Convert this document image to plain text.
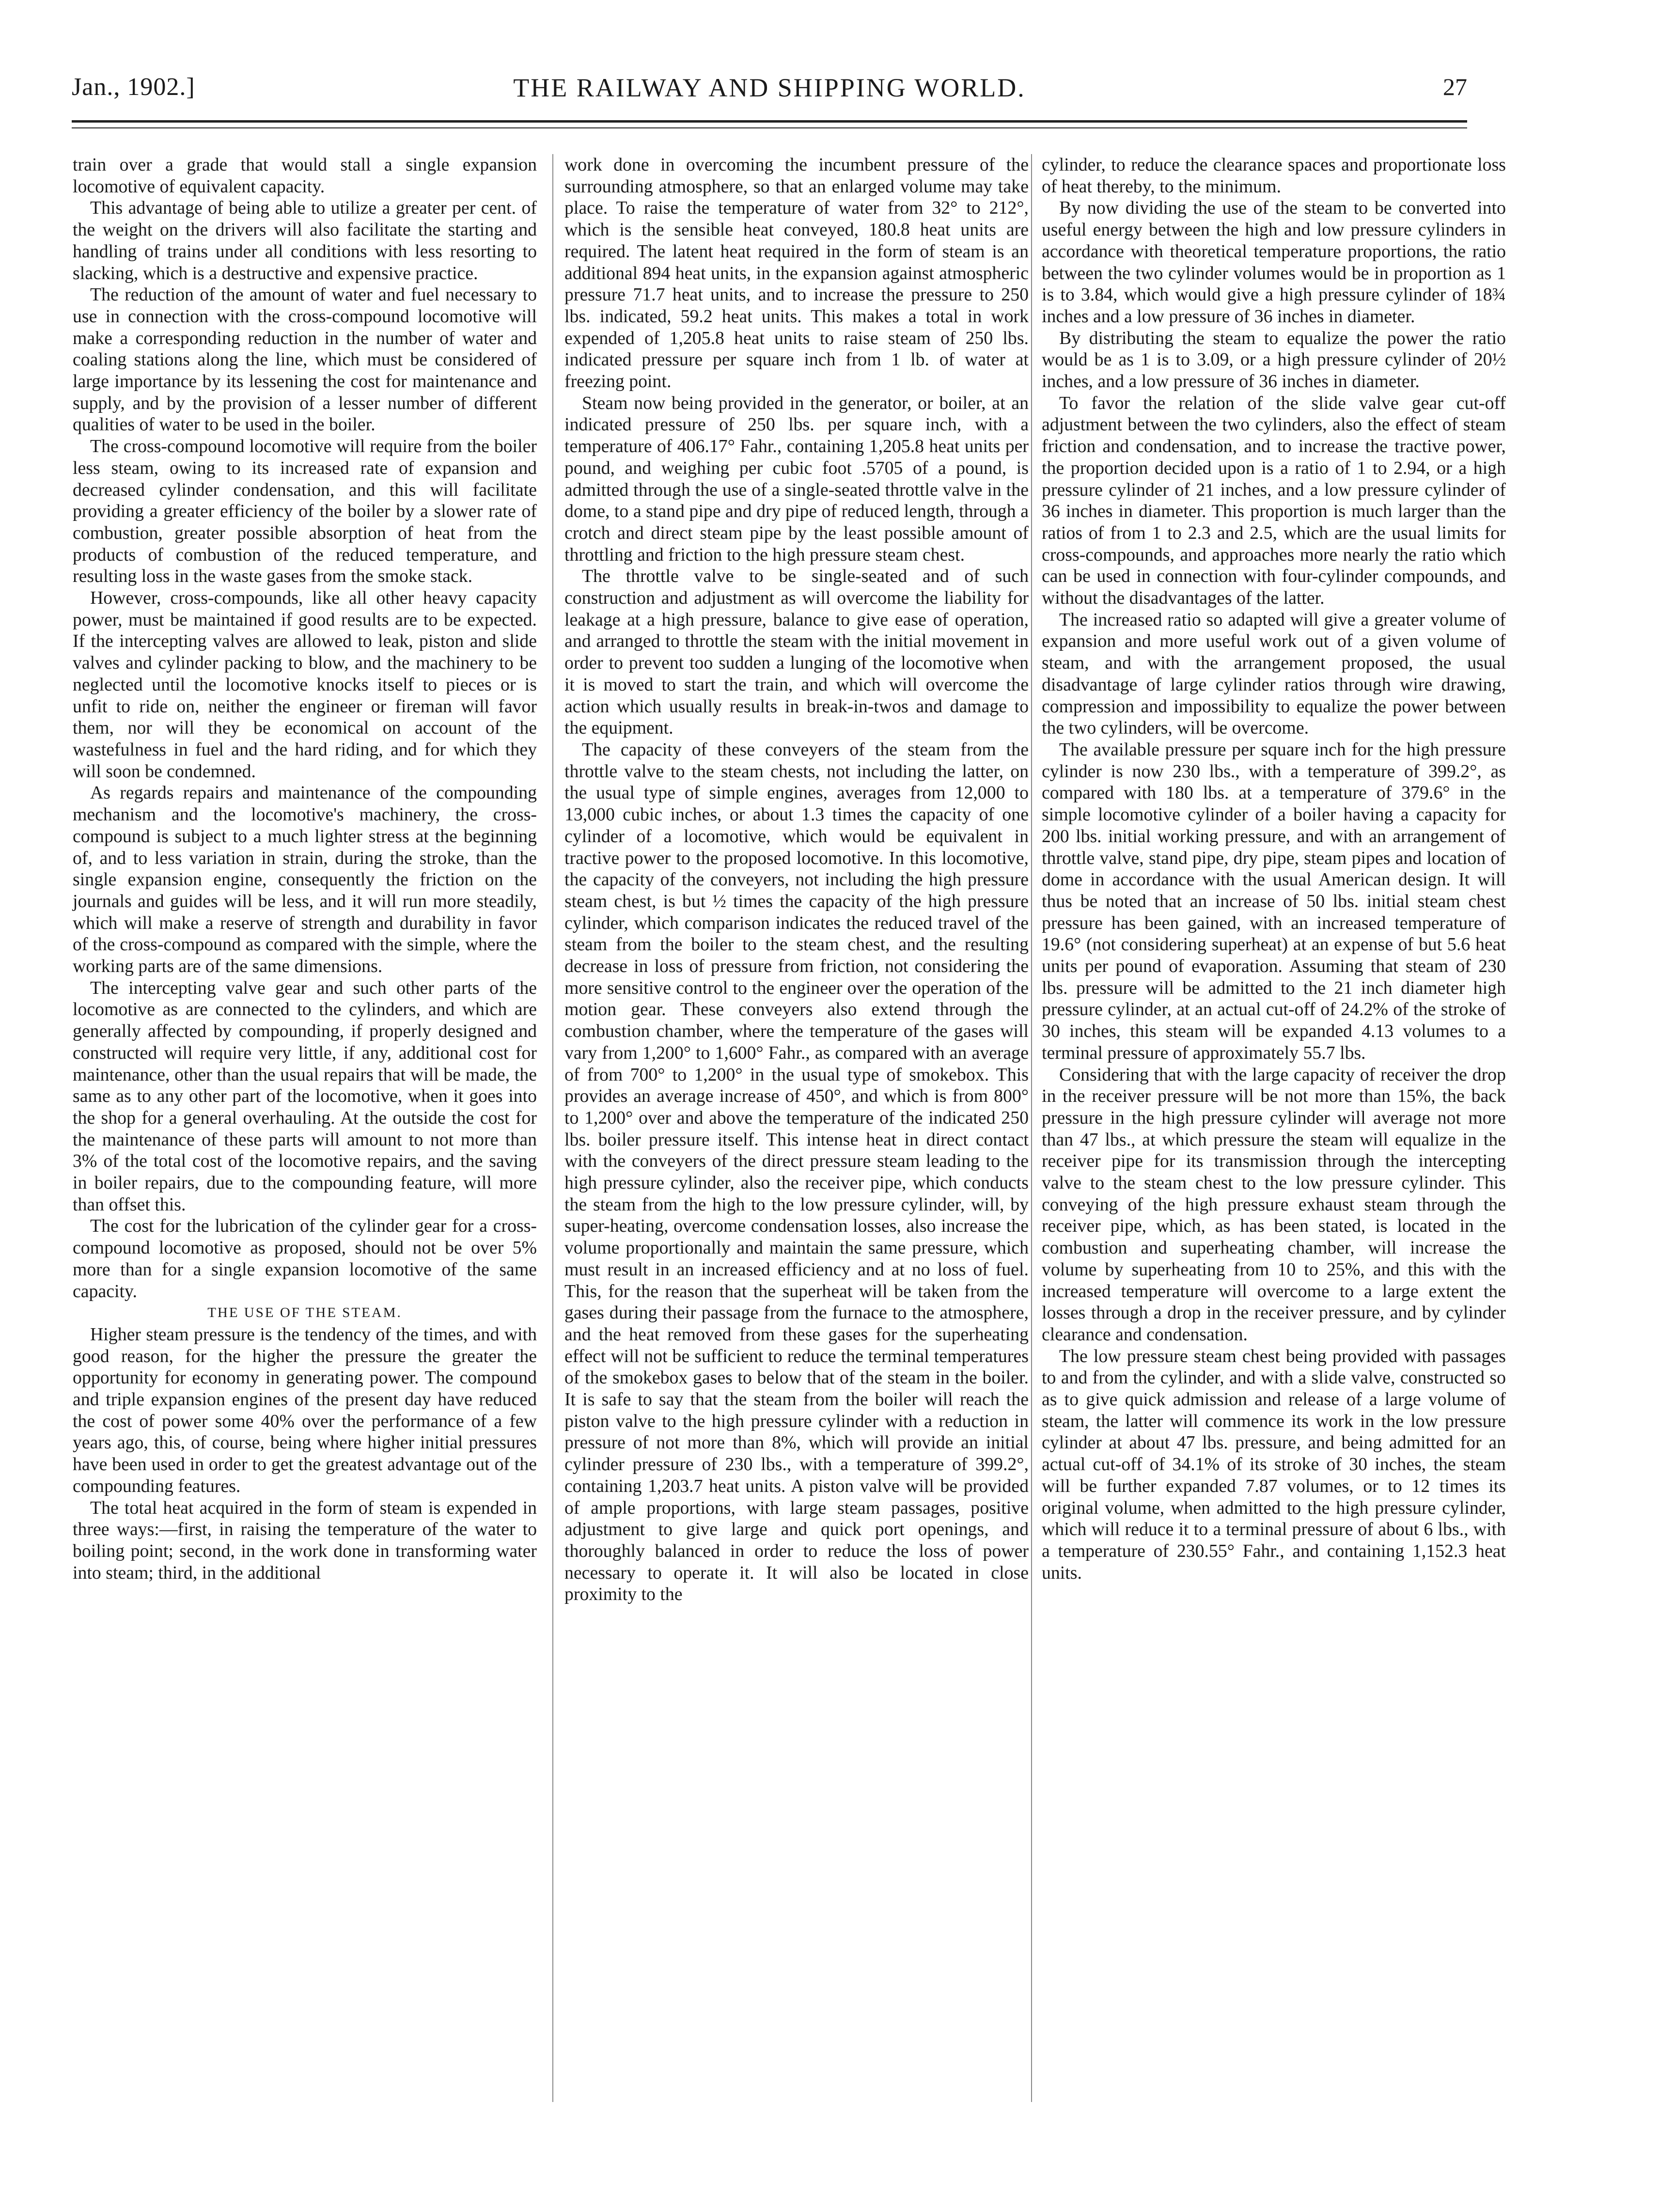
Jan., 1902.]	THE RAILWAY AND SHIPPING WORLD.	27

train over a grade that would stall a single expansion locomotive of equivalent capacity.

This advantage of being able to utilize a greater per cent. of the weight on the drivers will also facilitate the starting and handling of trains under all conditions with less resorting to slacking, which is a destructive and expensive practice.

The reduction of the amount of water and fuel necessary to use in connection with the cross-compound locomotive will make a corresponding reduction in the number of water and coaling stations along the line, which must be considered of large importance by its lessening the cost for maintenance and supply, and by the provision of a lesser number of different qualities of water to be used in the boiler.

The cross-compound locomotive will require from the boiler less steam, owing to its increased rate of expansion and decreased cylinder condensation, and this will facilitate providing a greater efficiency of the boiler by a slower rate of combustion, greater possible absorption of heat from the products of combustion of the reduced temperature, and resulting loss in the waste gases from the smoke stack.

However, cross-compounds, like all other heavy capacity power, must be maintained if good results are to be expected. If the intercepting valves are allowed to leak, piston and slide valves and cylinder packing to blow, and the machinery to be neglected until the locomotive knocks itself to pieces or is unfit to ride on, neither the engineer or fireman will favor them, nor will they be economical on account of the wastefulness in fuel and the hard riding, and for which they will soon be condemned.

As regards repairs and maintenance of the compounding mechanism and the locomotive's machinery, the cross-compound is subject to a much lighter stress at the beginning of, and to less variation in strain, during the stroke, than the single expansion engine, consequently the friction on the journals and guides will be less, and it will run more steadily, which will make a reserve of strength and durability in favor of the cross-compound as compared with the simple, where the working parts are of the same dimensions.

The intercepting valve gear and such other parts of the locomotive as are connected to the cylinders, and which are generally affected by compounding, if properly designed and constructed will require very little, if any, additional cost for maintenance, other than the usual repairs that will be made, the same as to any other part of the locomotive, when it goes into the shop for a general overhauling. At the outside the cost for the maintenance of these parts will amount to not more than 3% of the total cost of the locomotive repairs, and the saving in boiler repairs, due to the compounding feature, will more than offset this.

The cost for the lubrication of the cylinder gear for a cross-compound locomotive as proposed, should not be over 5% more than for a single expansion locomotive of the same capacity.

THE USE OF THE STEAM.

Higher steam pressure is the tendency of the times, and with good reason, for the higher the pressure the greater the opportunity for economy in generating power. The compound and triple expansion engines of the present day have reduced the cost of power some 40% over the performance of a few years ago, this, of course, being where higher initial pressures have been used in order to get the greatest advantage out of the compounding features.

The total heat acquired in the form of steam is expended in three ways:—first, in raising the temperature of the water to boiling point; second, in the work done in transforming water into steam; third, in the additional

work done in overcoming the incumbent pressure of the surrounding atmosphere, so that an enlarged volume may take place. To raise the temperature of water from 32° to 212°, which is the sensible heat conveyed, 180.8 heat units are required. The latent heat required in the form of steam is an additional 894 heat units, in the expansion against atmospheric pressure 71.7 heat units, and to increase the pressure to 250 lbs. indicated, 59.2 heat units. This makes a total in work expended of 1,205.8 heat units to raise steam of 250 lbs. indicated pressure per square inch from 1 lb. of water at freezing point.

Steam now being provided in the generator, or boiler, at an indicated pressure of 250 lbs. per square inch, with a temperature of 406.17° Fahr., containing 1,205.8 heat units per pound, and weighing per cubic foot .5705 of a pound, is admitted through the use of a single-seated throttle valve in the dome, to a stand pipe and dry pipe of reduced length, through a crotch and direct steam pipe by the least possible amount of throttling and friction to the high pressure steam chest.

The throttle valve to be single-seated and of such construction and adjustment as will overcome the liability for leakage at a high pressure, balance to give ease of operation, and arranged to throttle the steam with the initial movement in order to prevent too sudden a lunging of the locomotive when it is moved to start the train, and which will overcome the action which usually results in break-in-twos and damage to the equipment.

The capacity of these conveyers of the steam from the throttle valve to the steam chests, not including the latter, on the usual type of simple engines, averages from 12,000 to 13,000 cubic inches, or about 1.3 times the capacity of one cylinder of a locomotive, which would be equivalent in tractive power to the proposed locomotive. In this locomotive, the capacity of the conveyers, not including the high pressure steam chest, is but ½ times the capacity of the high pressure cylinder, which comparison indicates the reduced travel of the steam from the boiler to the steam chest, and the resulting decrease in loss of pressure from friction, not considering the more sensitive control to the engineer over the operation of the motion gear. These conveyers also extend through the combustion chamber, where the temperature of the gases will vary from 1,200° to 1,600° Fahr., as compared with an average of from 700° to 1,200° in the usual type of smokebox. This provides an average increase of 450°, and which is from 800° to 1,200° over and above the temperature of the indicated 250 lbs. boiler pressure itself. This intense heat in direct contact with the conveyers of the direct pressure steam leading to the high pressure cylinder, also the receiver pipe, which conducts the steam from the high to the low pressure cylinder, will, by super-heating, overcome condensation losses, also increase the volume proportionally and maintain the same pressure, which must result in an increased efficiency and at no loss of fuel. This, for the reason that the superheat will be taken from the gases during their passage from the furnace to the atmosphere, and the heat removed from these gases for the superheating effect will not be sufficient to reduce the terminal temperatures of the smokebox gases to below that of the steam in the boiler. It is safe to say that the steam from the boiler will reach the piston valve to the high pressure cylinder with a reduction in pressure of not more than 8%, which will provide an initial cylinder pressure of 230 lbs., with a temperature of 399.2°, containing 1,203.7 heat units. A piston valve will be provided of ample proportions, with large steam passages, positive adjustment to give large and quick port openings, and thoroughly balanced in order to reduce the loss of power necessary to operate it. It will also be located in close proximity to the

cylinder, to reduce the clearance spaces and proportionate loss of heat thereby, to the minimum.

By now dividing the use of the steam to be converted into useful energy between the high and low pressure cylinders in accordance with theoretical temperature proportions, the ratio between the two cylinder volumes would be in proportion as 1 is to 3.84, which would give a high pressure cylinder of 18¾ inches and a low pressure of 36 inches in diameter.

By distributing the steam to equalize the power the ratio would be as 1 is to 3.09, or a high pressure cylinder of 20½ inches, and a low pressure of 36 inches in diameter.

To favor the relation of the slide valve gear cut-off adjustment between the two cylinders, also the effect of steam friction and condensation, and to increase the tractive power, the proportion decided upon is a ratio of 1 to 2.94, or a high pressure cylinder of 21 inches, and a low pressure cylinder of 36 inches in diameter. This proportion is much larger than the ratios of from 1 to 2.3 and 2.5, which are the usual limits for cross-compounds, and approaches more nearly the ratio which can be used in connection with four-cylinder compounds, and without the disadvantages of the latter.

The increased ratio so adapted will give a greater volume of expansion and more useful work out of a given volume of steam, and with the arrangement proposed, the usual disadvantage of large cylinder ratios through wire drawing, compression and impossibility to equalize the power between the two cylinders, will be overcome.

The available pressure per square inch for the high pressure cylinder is now 230 lbs., with a temperature of 399.2°, as compared with 180 lbs. at a temperature of 379.6° in the simple locomotive cylinder of a boiler having a capacity for 200 lbs. initial working pressure, and with an arrangement of throttle valve, stand pipe, dry pipe, steam pipes and location of dome in accordance with the usual American design. It will thus be noted that an increase of 50 lbs. initial steam chest pressure has been gained, with an increased temperature of 19.6° (not considering superheat) at an expense of but 5.6 heat units per pound of evaporation. Assuming that steam of 230 lbs. pressure will be admitted to the 21 inch diameter high pressure cylinder, at an actual cut-off of 24.2% of the stroke of 30 inches, this steam will be expanded 4.13 volumes to a terminal pressure of approximately 55.7 lbs.

Considering that with the large capacity of receiver the drop in the receiver pressure will be not more than 15%, the back pressure in the high pressure cylinder will average not more than 47 lbs., at which pressure the steam will equalize in the receiver pipe for its transmission through the intercepting valve to the steam chest to the low pressure cylinder. This conveying of the high pressure exhaust steam through the receiver pipe, which, as has been stated, is located in the combustion and superheating chamber, will increase the volume by superheating from 10 to 25%, and this with the increased temperature will overcome to a large extent the losses through a drop in the receiver pressure, and by cylinder clearance and condensation.

The low pressure steam chest being provided with passages to and from the cylinder, and with a slide valve, constructed so as to give quick admission and release of a large volume of steam, the latter will commence its work in the low pressure cylinder at about 47 lbs. pressure, and being admitted for an actual cut-off of 34.1% of its stroke of 30 inches, the steam will be further expanded 7.87 volumes, or to 12 times its original volume, when admitted to the high pressure cylinder, which will reduce it to a terminal pressure of about 6 lbs., with a temperature of 230.55° Fahr., and containing 1,152.3 heat units.
